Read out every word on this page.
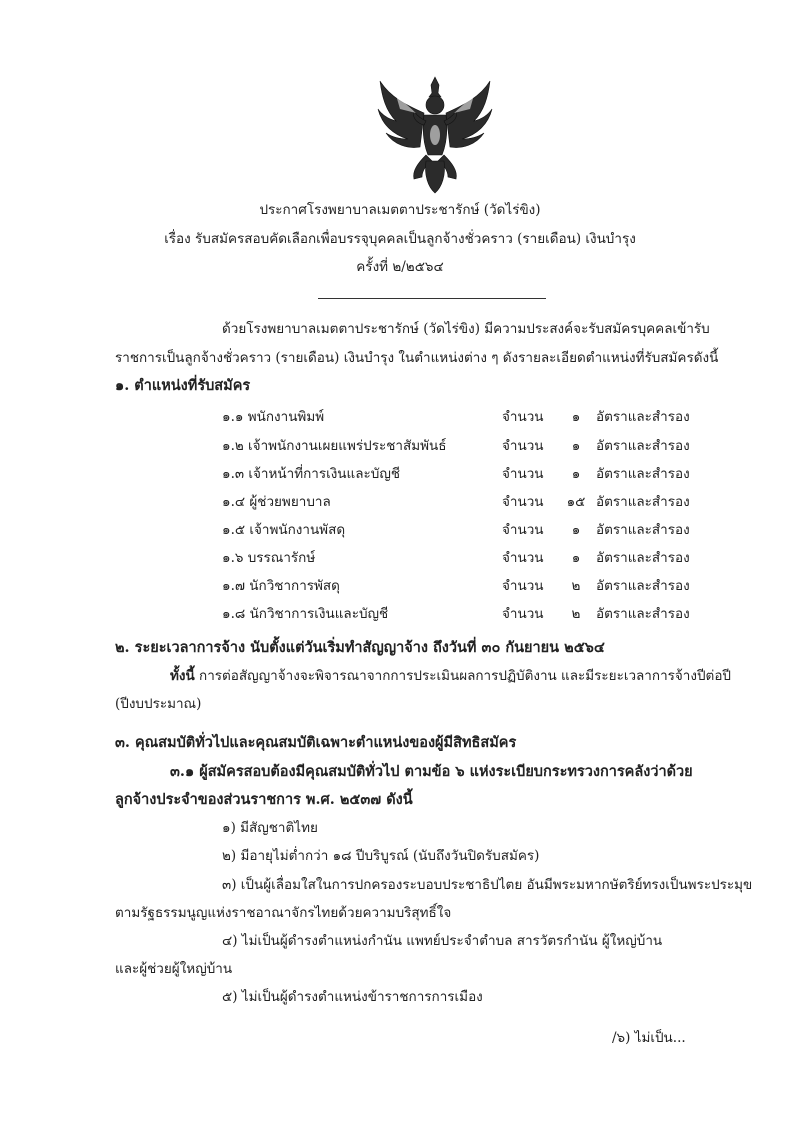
ประกาศโรงพยาบาลเมตตาประชารักษ์ (วัดไร่ขิง)
เรื่อง รับสมัครสอบคัดเลือกเพื่อบรรจุบุคคลเป็นลูกจ้างชั่วคราว (รายเดือน) เงินบำรุง
ครั้งที่ ๒/๒๕๖๔
ด้วยโรงพยาบาลเมตตาประชารักษ์ (วัดไร่ขิง) มีความประสงค์จะรับสมัครบุคคลเข้ารับ
ราชการเป็นลูกจ้างชั่วคราว (รายเดือน) เงินบำรุง ในตำแหน่งต่าง ๆ ดังรายละเอียดตำแหน่งที่รับสมัครดังนี้
๑. ตำแหน่งที่รับสมัคร
๑.๑ พนักงานพิมพ์	จำนวน	๑	อัตราและสำรอง
๑.๒ เจ้าพนักงานเผยแพร่ประชาสัมพันธ์	จำนวน	๑	อัตราและสำรอง
๑.๓ เจ้าหน้าที่การเงินและบัญชี	จำนวน	๑	อัตราและสำรอง
๑.๔ ผู้ช่วยพยาบาล	จำนวน	๑๕ อัตราและสำรอง
๑.๕ เจ้าพนักงานพัสดุ	จำนวน	๑	อัตราและสำรอง
๑.๖ บรรณารักษ์	จำนวน	๑	อัตราและสำรอง
๑.๗ นักวิชาการพัสดุ	จำนวน	๒	อัตราและสำรอง
๑.๘ นักวิชาการเงินและบัญชี	จำนวน	๒	อัตราและสำรอง
๒. ระยะเวลาการจ้าง นับตั้งแต่วันเริ่มทำสัญญาจ้าง ถึงวันที่ ๓๐ กันยายน ๒๕๖๔
ทั้งนี้ การต่อสัญญาจ้างจะพิจารณาจากการประเมินผลการปฏิบัติงาน และมีระยะเวลาการจ้างปีต่อปี
(ปีงบประมาณ)
๓. คุณสมบัติทั่วไปและคุณสมบัติเฉพาะตำแหน่งของผู้มีสิทธิสมัคร
๓.๑ ผู้สมัครสอบต้องมีคุณสมบัติทั่วไป ตามข้อ ๖ แห่งระเบียบกระทรวงการคลังว่าด้วย
ลูกจ้างประจำของส่วนราชการ พ.ศ. ๒๕๓๗ ดังนี้
๑) มีสัญชาติไทย
๒) มีอายุไม่ต่ำกว่า ๑๘ ปีบริบูรณ์ (นับถึงวันปิดรับสมัคร)
๓) เป็นผู้เลื่อมใสในการปกครองระบอบประชาธิปไตย อันมีพระมหากษัตริย์ทรงเป็นพระประมุข
ตามรัฐธรรมนูญแห่งราชอาณาจักรไทยด้วยความบริสุทธิ์ใจ
๔) ไม่เป็นผู้ดำรงตำแหน่งกำนัน แพทย์ประจำตำบล สารวัตรกำนัน ผู้ใหญ่บ้าน
และผู้ช่วยผู้ใหญ่บ้าน
๕) ไม่เป็นผู้ดำรงตำแหน่งข้าราชการการเมือง
/๖) ไม่เป็น...
